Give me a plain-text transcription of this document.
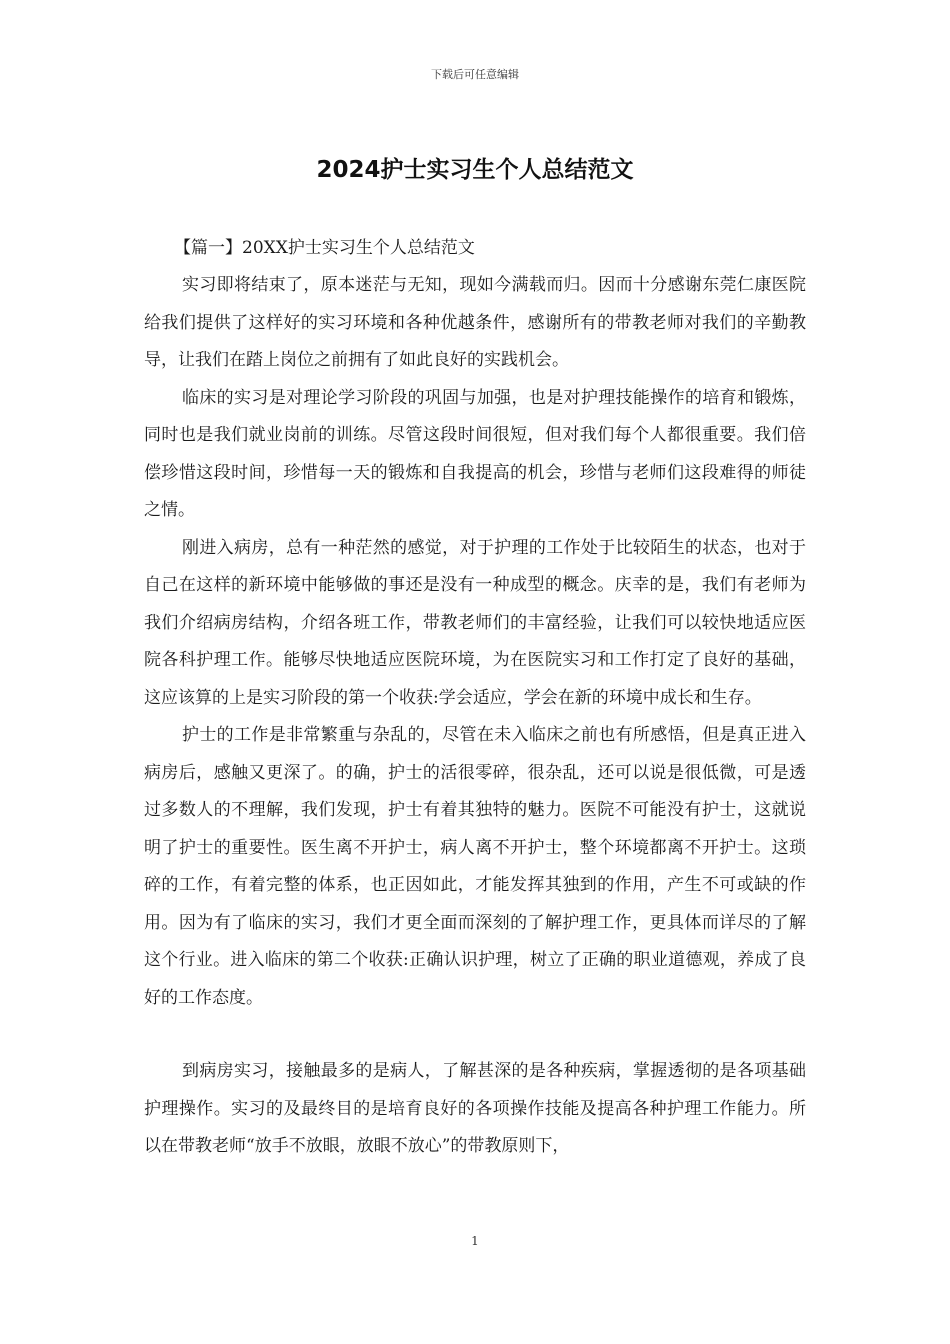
下载后可任意编辑
2024护士实习生个人总结范文

【篇一】20XX护士实习生个人总结范文

实习即将结束了，原本迷茫与无知，现如今满载而归。因而十分感谢东莞仁康医院给我们提供了这样好的实习环境和各种优越条件，感谢所有的带教老师对我们的辛勤教导，让我们在踏上岗位之前拥有了如此良好的实践机会。

临床的实习是对理论学习阶段的巩固与加强，也是对护理技能操作的培育和锻炼，同时也是我们就业岗前的训练。尽管这段时间很短，但对我们每个人都很重要。我们倍偿珍惜这段时间，珍惜每一天的锻炼和自我提高的机会，珍惜与老师们这段难得的师徒之情。

刚进入病房，总有一种茫然的感觉，对于护理的工作处于比较陌生的状态，也对于自己在这样的新环境中能够做的事还是没有一种成型的概念。庆幸的是，我们有老师为我们介绍病房结构，介绍各班工作，带教老师们的丰富经验，让我们可以较快地适应医院各科护理工作。能够尽快地适应医院环境，为在医院实习和工作打定了良好的基础，这应该算的上是实习阶段的第一个收获:学会适应，学会在新的环境中成长和生存。

护士的工作是非常繁重与杂乱的，尽管在未入临床之前也有所感悟，但是真正进入病房后，感触又更深了。的确，护士的活很零碎，很杂乱，还可以说是很低微，可是透过多数人的不理解，我们发现，护士有着其独特的魅力。医院不可能没有护士，这就说明了护士的重要性。医生离不开护士，病人离不开护士，整个环境都离不开护士。这琐碎的工作，有着完整的体系，也正因如此，才能发挥其独到的作用，产生不可或缺的作用。因为有了临床的实习，我们才更全面而深刻的了解护理工作，更具体而详尽的了解这个行业。进入临床的第二个收获:正确认识护理，树立了正确的职业道德观，养成了良好的工作态度。

到病房实习，接触最多的是病人，了解甚深的是各种疾病，掌握透彻的是各项基础护理操作。实习的及最终目的是培育良好的各项操作技能及提高各种护理工作能力。所以在带教老师“放手不放眼，放眼不放心”的带教原则下，

1
